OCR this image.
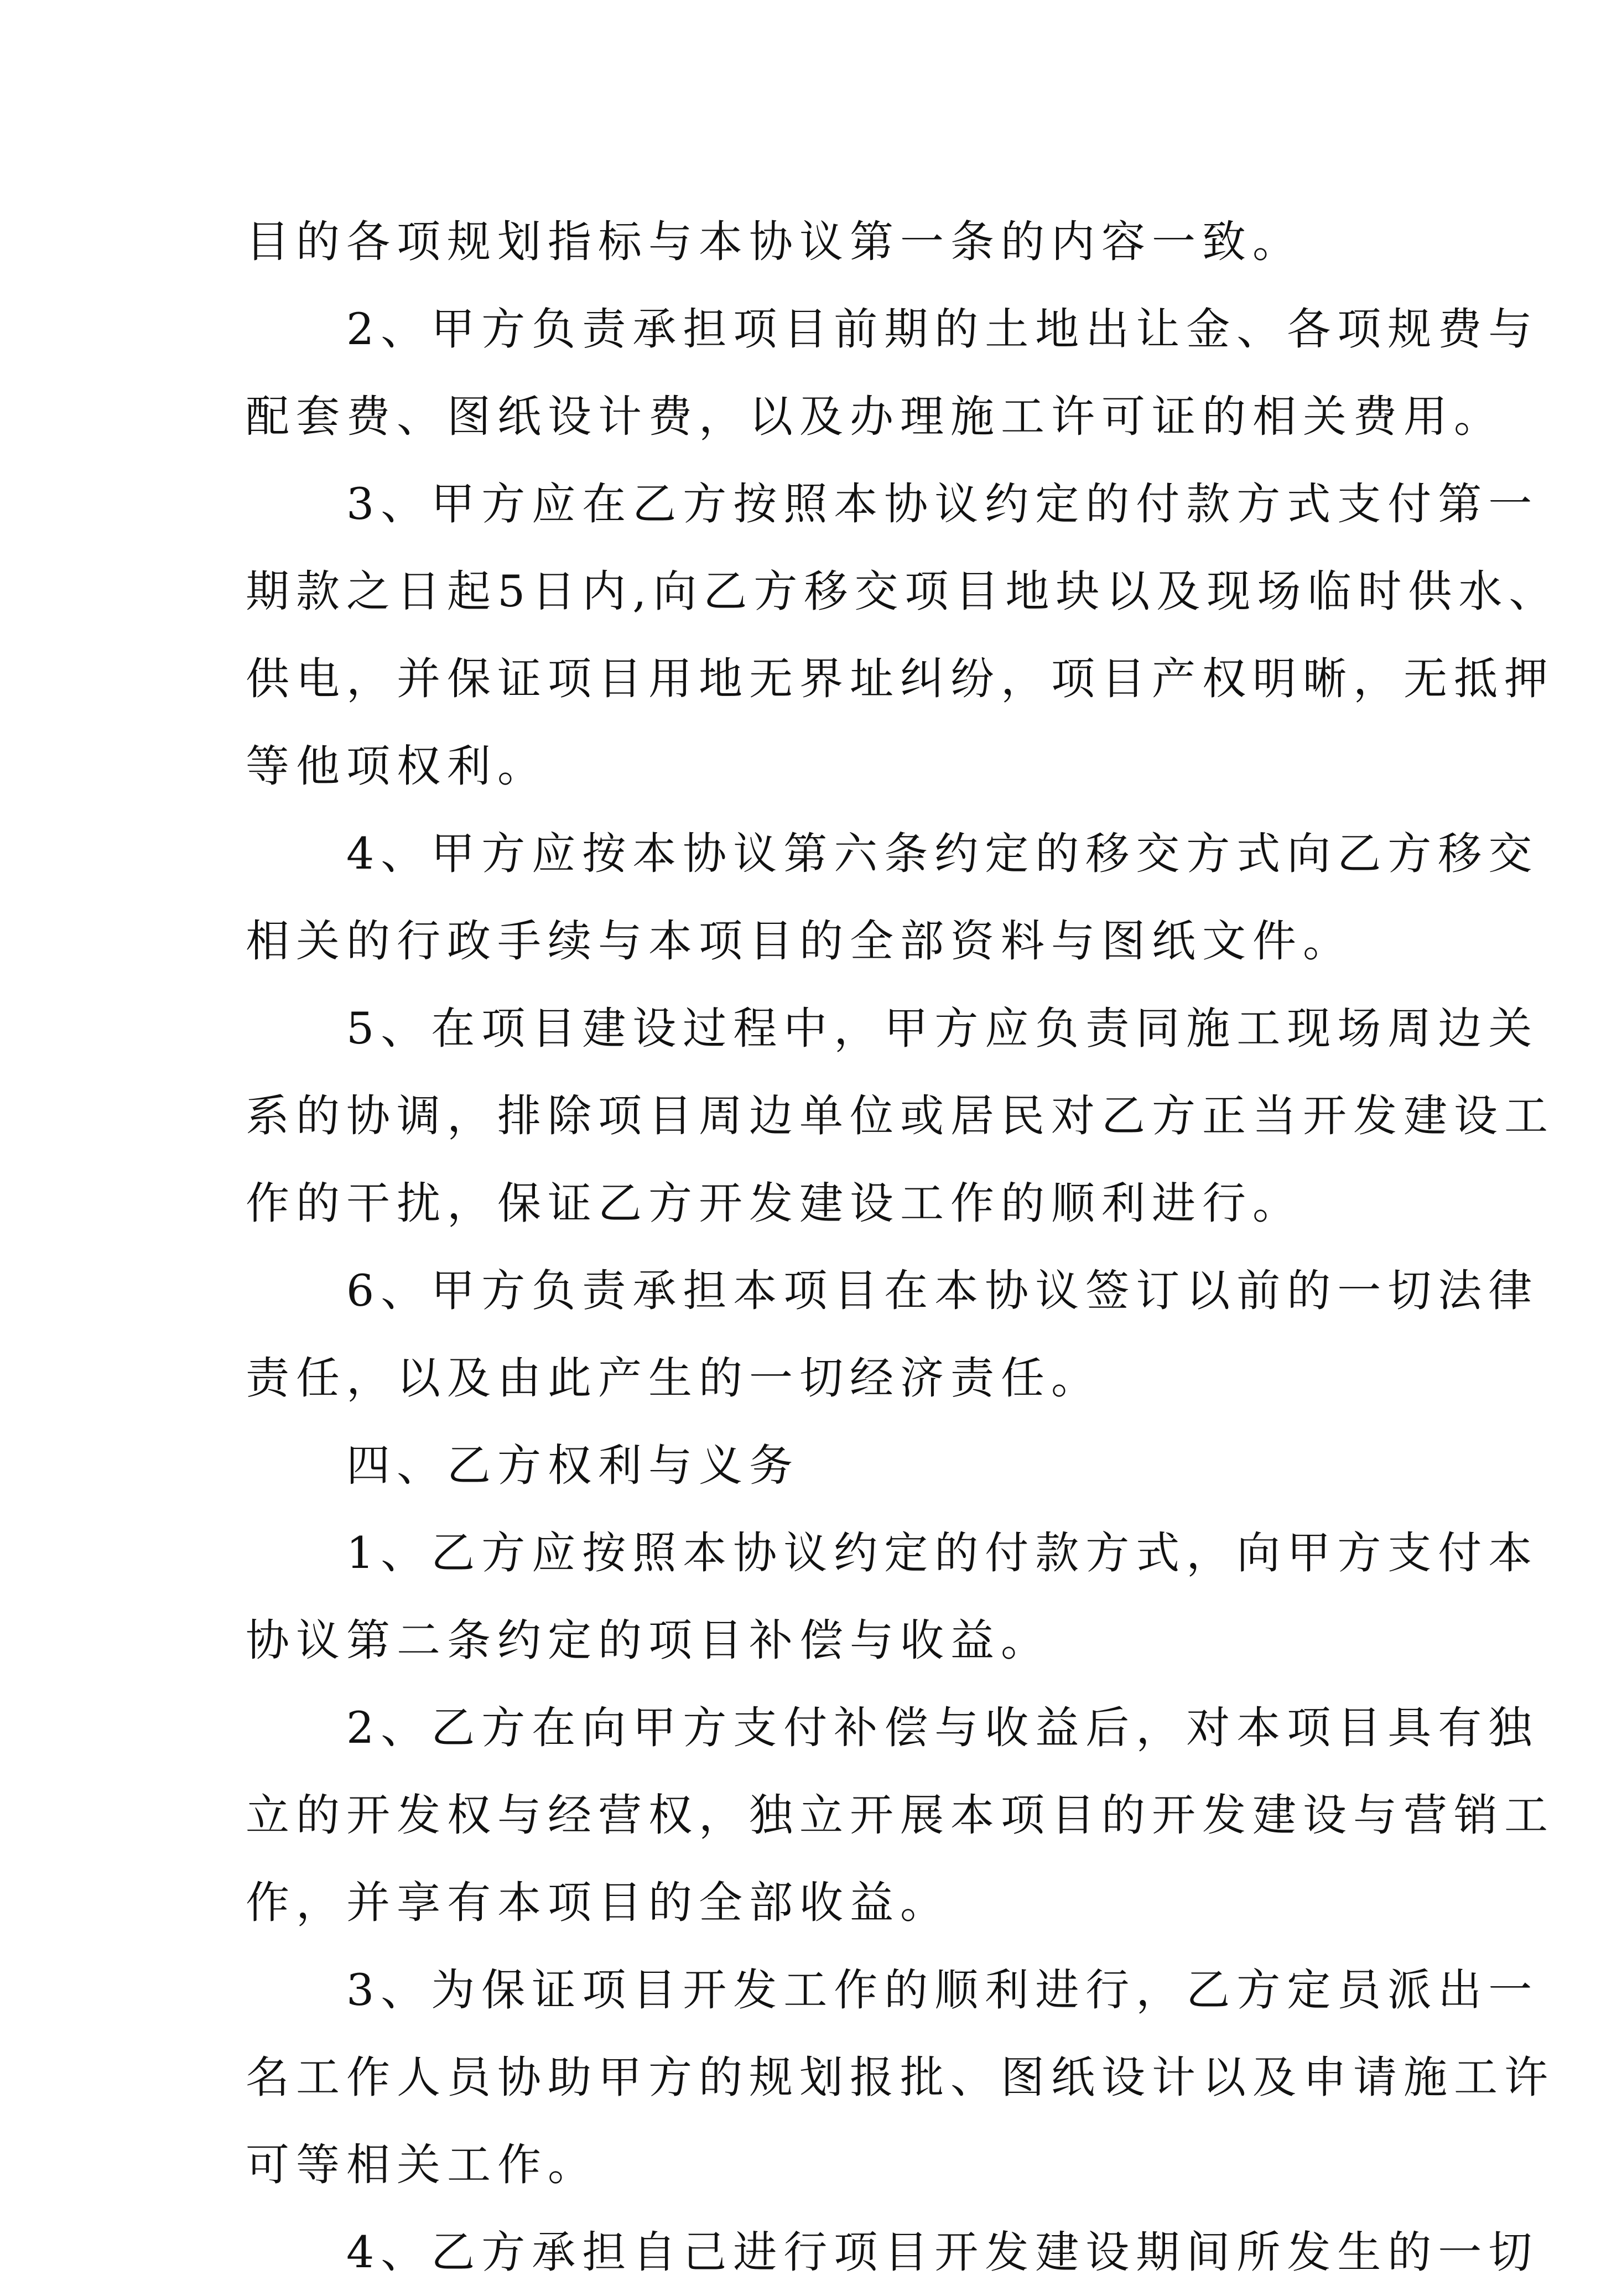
目的各项规划指标与本协议第一条的内容一致。
　　2、甲方负责承担项目前期的土地出让金、各项规费与
配套费、图纸设计费，以及办理施工许可证的相关费用。
　　3、甲方应在乙方按照本协议约定的付款方式支付第一
期款之日起5日内,向乙方移交项目地块以及现场临时供水、
供电，并保证项目用地无界址纠纷，项目产权明晰，无抵押
等他项权利。
　　4、甲方应按本协议第六条约定的移交方式向乙方移交
相关的行政手续与本项目的全部资料与图纸文件。
　　5、在项目建设过程中，甲方应负责同施工现场周边关
系的协调，排除项目周边单位或居民对乙方正当开发建设工
作的干扰，保证乙方开发建设工作的顺利进行。
　　6、甲方负责承担本项目在本协议签订以前的一切法律
责任，以及由此产生的一切经济责任。
　　四、乙方权利与义务
　　1、乙方应按照本协议约定的付款方式，向甲方支付本
协议第二条约定的项目补偿与收益。
　　2、乙方在向甲方支付补偿与收益后，对本项目具有独
立的开发权与经营权，独立开展本项目的开发建设与营销工
作，并享有本项目的全部收益。
　　3、为保证项目开发工作的顺利进行，乙方定员派出一
名工作人员协助甲方的规划报批、图纸设计以及申请施工许
可等相关工作。
　　4、乙方承担自己进行项目开发建设期间所发生的一切
